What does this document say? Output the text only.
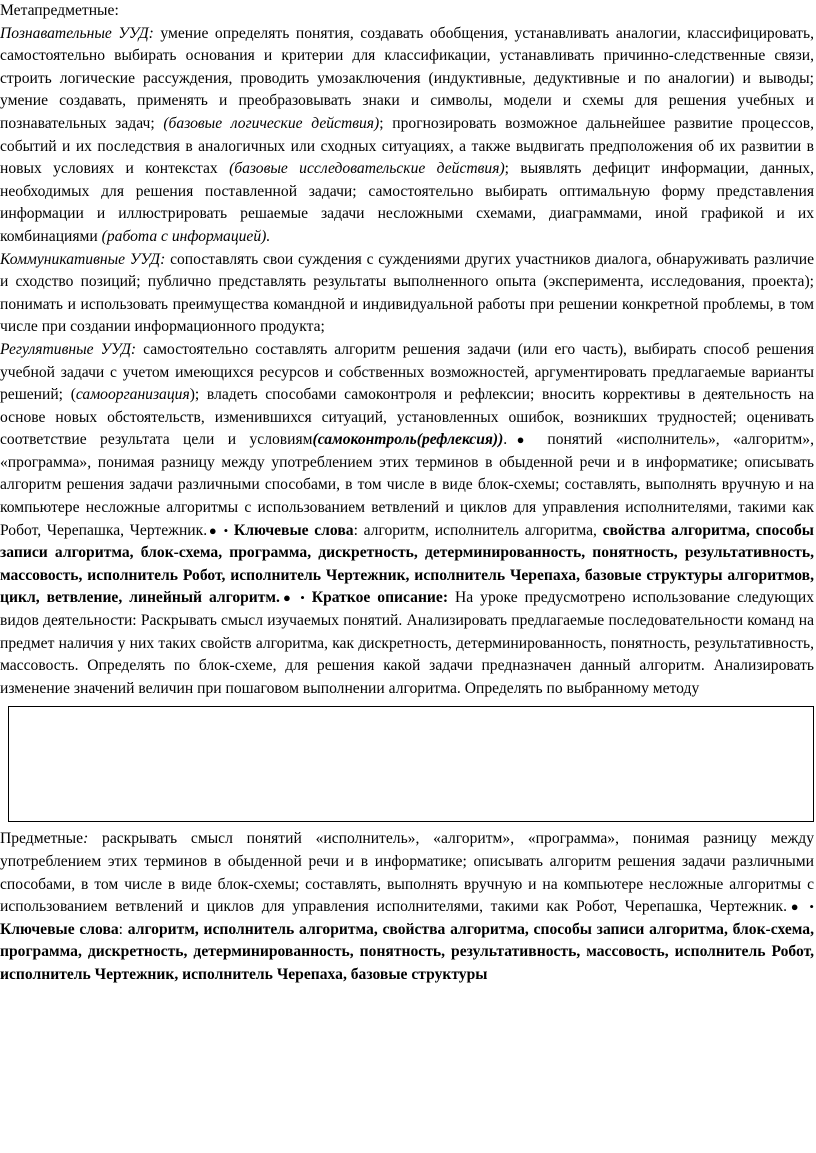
Метапредметные:

Познавательные УУД: умение определять понятия, создавать обобщения, устанавливать аналогии, классифицировать, самостоятельно выбирать основания и критерии для классификации, устанавливать причинно-следственные связи, строить логические рассуждения, проводить умозаключения (индуктивные, дедуктивные и по аналогии) и выводы; умение создавать, применять и преобразовывать знаки и символы, модели и схемы для решения учебных и познавательных задач; (базовые логические действия); прогнозировать возможное дальнейшее развитие процессов, событий и их последствия в аналогичных или сходных ситуациях, а также выдвигать предположения об их развитии в новых условиях и контекстах (базовые исследовательские действия); выявлять дефицит информации, данных, необходимых для решения поставленной задачи; самостоятельно выбирать оптимальную форму представления информации и иллюстрировать решаемые задачи несложными схемами, диаграммами, иной графикой и их комбинациями (работа с информацией).

Коммуникативные УУД: сопоставлять свои суждения с суждениями других участников диалога, обнаруживать различие и сходство позиций; публично представлять результаты выполненного опыта (эксперимента, исследования, проекта); понимать и использовать преимущества командной и индивидуальной работы при решении конкретной проблемы, в том числе при создании информационного продукта;

Регулятивные УУД: самостоятельно составлять алгоритм решения задачи (или его часть), выбирать способ решения учебной задачи с учетом имеющихся ресурсов и собственных возможностей, аргументировать предлагаемые варианты решений; (самоорганизация); владеть способами самоконтроля и рефлексии; вносить коррективы в деятельность на основе новых обстоятельств, изменившихся ситуаций, установленных ошибок, возникших трудностей; оценивать соответствие результата цели и условиям(самоконтроль(рефлексия)).● понятий «исполнитель», «алгоритм», «программа», понимая разницу между употреблением этих терминов в обыденной речи и в информатике; описывать алгоритм решения задачи различными способами, в том числе в виде блок-схемы; составлять, выполнять вручную и на компьютере несложные алгоритмы с использованием ветвлений и циклов для управления исполнителями, такими как Робот, Черепашка, Чертежник.● • Ключевые слова: алгоритм, исполнитель алгоритма, свойства алгоритма, способы записи алгоритма, блок-схема, программа, дискретность, детерминированность, понятность, результативность, массовость, исполнитель Робот, исполнитель Чертежник, исполнитель Черепаха, базовые структуры алгоритмов, цикл, ветвление, линейный алгоритм.● • Краткое описание: На уроке предусмотрено использование следующих видов деятельности: Раскрывать смысл изучаемых понятий. Анализировать предлагаемые последовательности команд на предмет наличия у них таких свойств алгоритма, как дискретность, детерминированность, понятность, результативность, массовость. Определять по блок-схеме, для решения какой задачи предназначен данный алгоритм. Анализировать изменение значений величин при пошаговом выполнении алгоритма. Определять по выбранному методу

Предметные: раскрывать смысл понятий «исполнитель», «алгоритм», «программа», понимая разницу между употреблением этих терминов в обыденной речи и в информатике; описывать алгоритм решения задачи различными способами, в том числе в виде блок-схемы; составлять, выполнять вручную и на компьютере несложные алгоритмы с использованием ветвлений и циклов для управления исполнителями, такими как Робот, Черепашка, Чертежник.● • Ключевые слова: алгоритм, исполнитель алгоритма, свойства алгоритма, способы записи алгоритма, блок-схема, программа, дискретность, детерминированность, понятность, результативность, массовость, исполнитель Робот, исполнитель Чертежник, исполнитель Черепаха, базовые структуры
